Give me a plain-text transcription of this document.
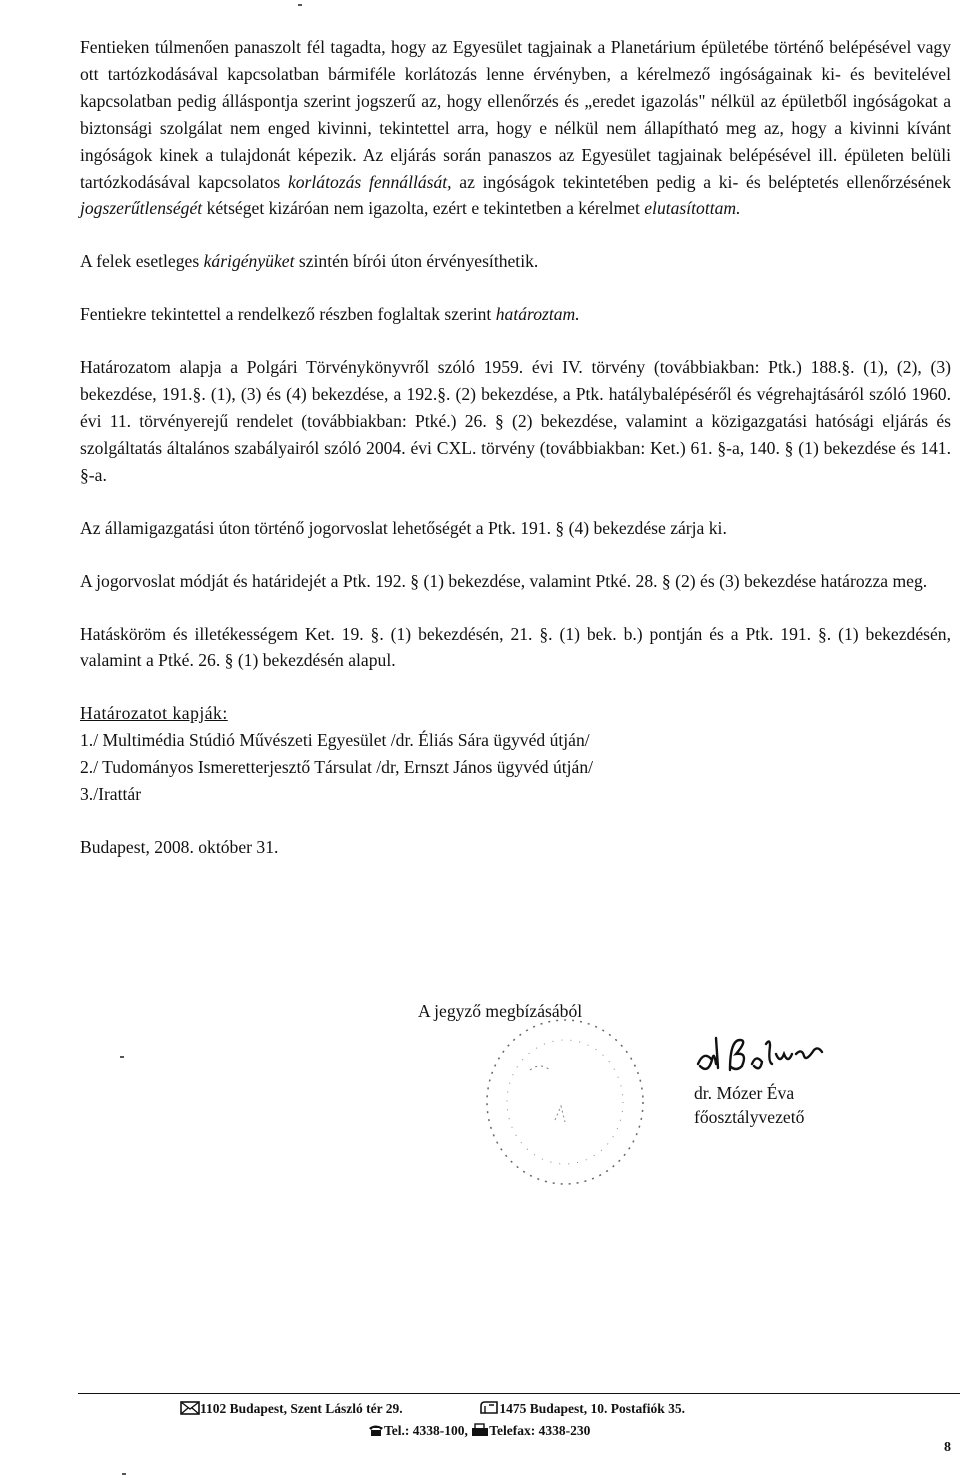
Fentieken túlmenően panaszolt fél tagadta, hogy az Egyesület tagjainak a Planetárium épületébe történő belépésével vagy ott tartózkodásával kapcsolatban bármiféle korlátozás lenne érvényben, a kérelmező ingóságainak ki- és bevitelével kapcsolatban pedig álláspontja szerint jogszerű az, hogy ellenőrzés és „eredet igazolás" nélkül az épületből ingóságokat a biztonsági szolgálat nem enged kivinni, tekintettel arra, hogy e nélkül nem állapítható meg az, hogy a kivinni kívánt ingóságok kinek a tulajdonát képezik. Az eljárás során panaszos az Egyesület tagjainak belépésével ill. épületen belüli tartózkodásával kapcsolatos korlátozás fennállását, az ingóságok tekintetében pedig a ki- és beléptetés ellenőrzésének jogszerűtlenségét kétséget kizáróan nem igazolta, ezért e tekintetben a kérelmet elutasítottam.

A felek esetleges kárigényüket szintén bírói úton érvényesíthetik.

Fentiekre tekintettel a rendelkező részben foglaltak szerint határoztam.

Határozatom alapja a Polgári Törvénykönyvről szóló 1959. évi IV. törvény (továbbiakban: Ptk.) 188.§. (1), (2), (3) bekezdése, 191.§. (1), (3) és (4) bekezdése, a 192.§. (2) bekezdése, a Ptk. hatálybalépéséről és végrehajtásáról szóló 1960. évi 11. törvényerejű rendelet (továbbiakban: Ptké.) 26. § (2) bekezdése, valamint a közigazgatási hatósági eljárás és szolgáltatás általános szabályairól szóló 2004. évi CXL. törvény (továbbiakban: Ket.) 61. §-a, 140. § (1) bekezdése és 141. §-a.

Az államigazgatási úton történő jogorvoslat lehetőségét a Ptk. 191. § (4) bekezdése zárja ki.

A jogorvoslat módját és határidejét a Ptk. 192. § (1) bekezdése, valamint Ptké. 28. § (2) és (3) bekezdése határozza meg.

Hatásköröm és illetékességem Ket. 19. §. (1) bekezdésén, 21. §. (1) bek. b.) pontján és a Ptk. 191. §. (1) bekezdésén, valamint a Ptké. 26. § (1) bekezdésén alapul.

Határozatot kapják:

1./ Multimédia Stúdió Művészeti Egyesület /dr. Éliás Sára ügyvéd útján/

2./ Tudományos Ismeretterjesztő Társulat /dr, Ernszt János ügyvéd útján/

3./Irattár

Budapest, 2008. október 31.

A jegyző megbízásából

dr. Mózer Éva
főosztályvezető
1102 Budapest, Szent László tér 29.	1475 Budapest, 10. Postafiók 35.
Tel.: 4338-100, Telefax: 4338-230
8
